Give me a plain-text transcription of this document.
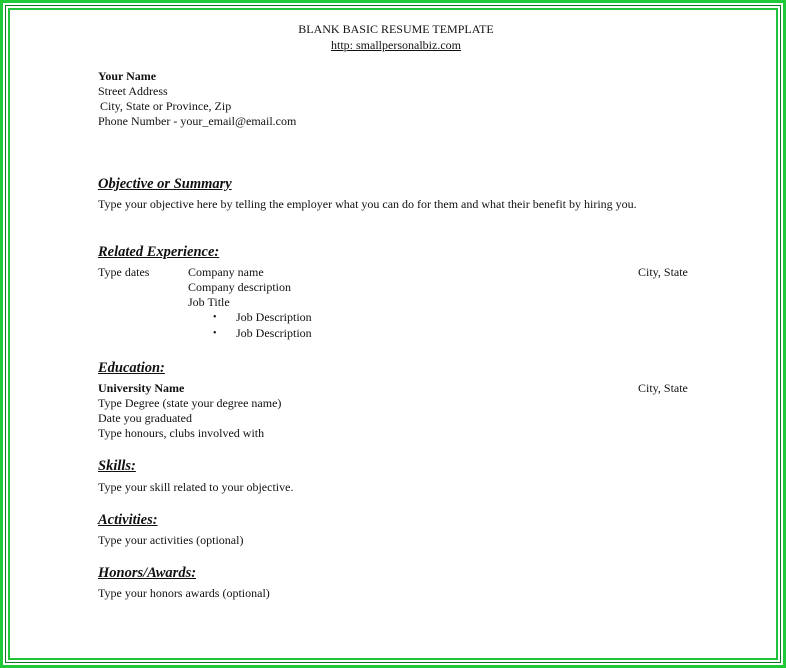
BLANK BASIC RESUME TEMPLATE
http: smallpersonalbiz.com
Your Name
Street Address
City, State or Province, Zip
Phone Number - your_email@email.com
Objective or Summary
Type your objective here by telling the employer what you can do for them and what their benefit by hiring you.
Related Experience:
Type dates	Company name	City, State
Company description
Job Title
• Job Description
• Job Description
Education:
University Name	City, State
Type Degree (state your degree name)
Date you graduated
Type honours, clubs involved with
Skills:
Type your skill related to your objective.
Activities:
Type your activities (optional)
Honors/Awards:
Type your honors awards (optional)
